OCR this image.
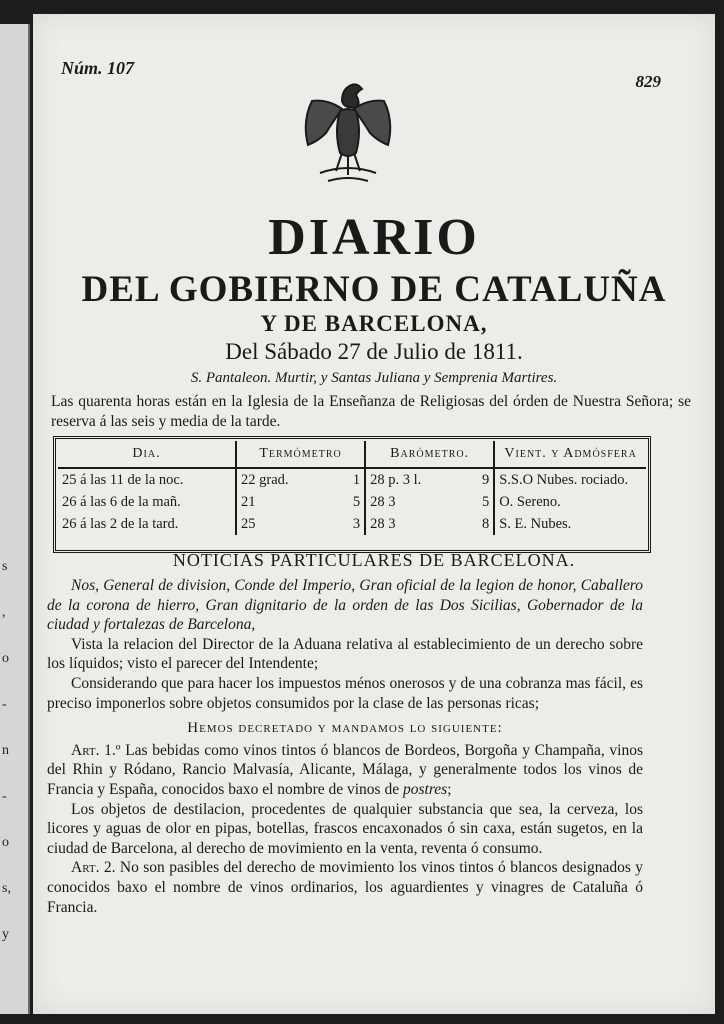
s
,
o
-
n
-
o
s,
y
Núm. 107
829
DIARIO
DEL GOBIERNO DE CATALUÑA
Y DE BARCELONA,
Del Sábado 27 de Julio de 1811.
S. Pantaleon. Murtir, y Santas Juliana y Semprenia Martires.
Las quarenta horas están en la Iglesia de la Enseñanza de Religiosas del órden de Nuestra Señora; se reserva á las seis y media de la tarde.
Dia.	Termómetro		Barómetro.		Vient. y Admósfera
25 á las 11 de la noc.	22 grad.	1	28 p. 3 l.	9	S.S.O Nubes. rociado.
26 á las 6 de la mañ.	21	5	28 3	5	O. Sereno.
26 á las 2 de la tard.	25	3	28 3	8	S. E. Nubes.
NOTICIAS PARTICULARES DE BARCELONA.

Nos, General de division, Conde del Imperio, Gran oficial de la legion de honor, Caballero de la corona de hierro, Gran dignitario de la orden de las Dos Sicilias, Gobernador de la ciudad y fortalezas de Barcelona,

Vista la relacion del Director de la Aduana relativa al establecimiento de un derecho sobre los líquidos; visto el parecer del Intendente;

Considerando que para hacer los impuestos ménos onerosos y de una cobranza mas fácil, es preciso imponerlos sobre objetos consumidos por la clase de las personas ricas;

Hemos decretado y mandamos lo siguiente:

Art. 1.º Las bebidas como vinos tintos ó blancos de Bordeos, Borgoña y Champaña, vinos del Rhin y Ródano, Rancio Malvasía, Alicante, Málaga, y generalmente todos los vinos de Francia y España, conocidos baxo el nombre de vinos de postres;

Los objetos de destilacion, procedentes de qualquier substancia que sea, la cerveza, los licores y aguas de olor en pipas, botellas, frascos encaxonados ó sin caxa, están sugetos, en la ciudad de Barcelona, al derecho de movimiento en la venta, reventa ó consumo.

Art. 2. No son pasibles del derecho de movimiento los vinos tintos ó blancos designados y conocidos baxo el nombre de vinos ordinarios, los aguardientes y vinagres de Cataluña ó Francia.
